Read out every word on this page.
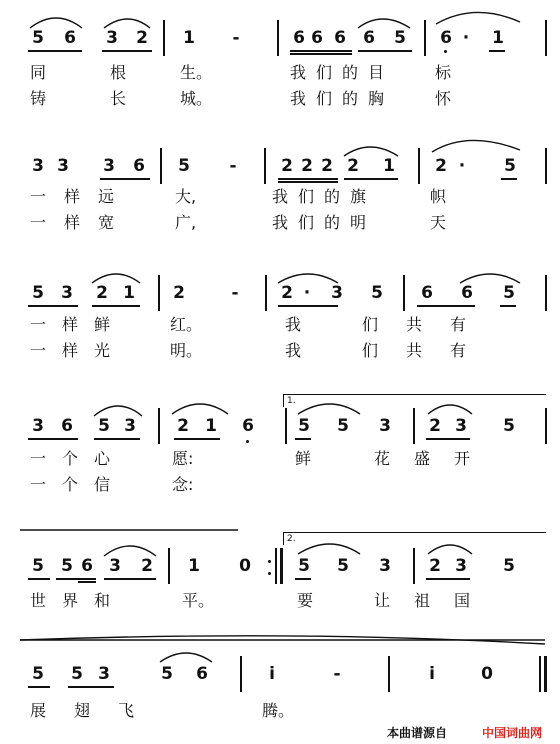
5 6 3 2 1 -	6 6 6 6 5 6 · 1
同 根	生。	我们的目	标
铸	长	城。	我们的胸	怀
3 3 3 6 5 -	2 2 2 2 1 2 · 5
一样远	大,	我们的旗	帜
一样宽	广,	我们的明	天
5 3 2 1 2	-	2 · 3 5 6 6 5
一样鲜	红。	我	们共有
一样光	明。	我	们共有
1.
3 6 5 3 2 1 6	5 5 3 2 3 5
一个心	愿:	鲜	花盛开
一个信	念:
2.
5 5 6 3 2 1 0	5 5 3 2 3 5
世界和	平。	要	让祖国
5 5 3	5 6	i	-	i	0
展翅飞	腾。
本曲谱源自	中国词曲网
